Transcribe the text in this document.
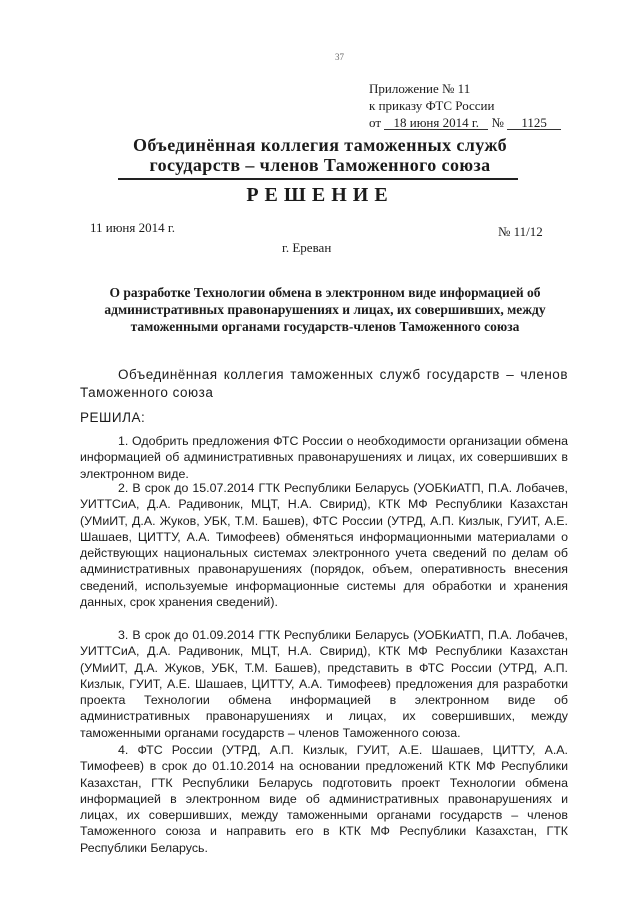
37
Приложение № 11
к приказу ФТС России
от 18 июня 2014 г. № 1125
Объединённая коллегия таможенных служб
государств – членов Таможенного союза
РЕШЕНИЕ
11 июня 2014 г.	№ 11/12
г. Ереван
О разработке Технологии обмена в электронном виде информацией об административных правонарушениях и лицах, их совершивших, между таможенными органами государств-членов Таможенного союза
Объединённая коллегия таможенных служб государств – членов Таможенного союза
РЕШИЛА:
1. Одобрить предложения ФТС России о необходимости организации обмена информацией об административных правонарушениях и лицах, их совершивших в электронном виде.
2. В срок до 15.07.2014 ГТК Республики Беларусь (УОБКиАТП, П.А. Лобачев, УИТТСиА, Д.А. Радивоник, МЦТ, Н.А. Свирид), КТК МФ Республики Казахстан (УМиИТ, Д.А. Жуков, УБК, Т.М. Башев), ФТС России (УТРД, А.П. Кизлык, ГУИТ, А.Е. Шашаев, ЦИТТУ, А.А. Тимофеев) обменяться информационными материалами о действующих национальных системах электронного учета сведений по делам об административных правонарушениях (порядок, объем, оперативность внесения сведений, используемые информационные системы для обработки и хранения данных, срок хранения сведений).
3. В срок до 01.09.2014 ГТК Республики Беларусь (УОБКиАТП, П.А. Лобачев, УИТТСиА, Д.А. Радивоник, МЦТ, Н.А. Свирид), КТК МФ Республики Казахстан (УМиИТ, Д.А. Жуков, УБК, Т.М. Башев), представить в ФТС России (УТРД, А.П. Кизлык, ГУИТ, А.Е. Шашаев, ЦИТТУ, А.А. Тимофеев) предложения для разработки проекта Технологии обмена информацией в электронном виде об административных правонарушениях и лицах, их совершивших, между таможенными органами государств – членов Таможенного союза.
4. ФТС России (УТРД, А.П. Кизлык, ГУИТ, А.Е. Шашаев, ЦИТТУ, А.А. Тимофеев) в срок до 01.10.2014 на основании предложений КТК МФ Республики Казахстан, ГТК Республики Беларусь подготовить проект Технологии обмена информацией в электронном виде об административных правонарушениях и лицах, их совершивших, между таможенными органами государств – членов Таможенного союза и направить его в КТК МФ Республики Казахстан, ГТК Республики Беларусь.
